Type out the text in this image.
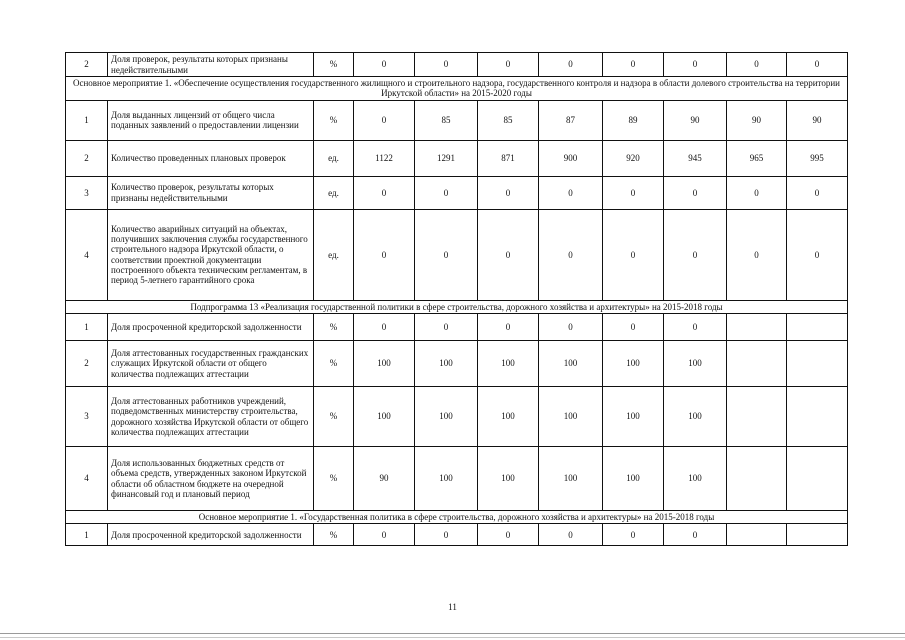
2	Доля проверок, результаты которых признаны недействительными	%	0	0	0	0	0	0	0	0
Основное мероприятие 1. «Обеспечение осуществления государственного жилищного и строительного надзора, государственного контроля и надзора в области долевого строительства на территории Иркутской области» на 2015-2020 годы										
1	Доля выданных лицензий от общего числа поданных заявлений о предоставлении лицензии	%	0	85	85	87	89	90	90	90
2	Количество проведенных плановых проверок	ед.	1122	1291	871	900	920	945	965	995
3	Количество проверок, результаты которых признаны недействительными	ед.	0	0	0	0	0	0	0	0
4	Количество аварийных ситуаций на объектах, получивших заключения службы государственного строительного надзора Иркутской области, о соответствии проектной документации построенного объекта техническим регламентам, в период 5-летнего гарантийного срока	ед.	0	0	0	0	0	0	0	0
Подпрограмма 13 «Реализация государственной политики в сфере строительства, дорожного хозяйства и архитектуры» на 2015-2018 годы										
1	Доля просроченной кредиторской задолженности	%	0	0	0	0	0	0		
2	Доля аттестованных государственных гражданских служащих Иркутской области от общего количества подлежащих аттестации	%	100	100	100	100	100	100		
3	Доля аттестованных работников учреждений, подведомственных министерству строительства, дорожного хозяйства Иркутской области от общего количества подлежащих аттестации	%	100	100	100	100	100	100		
4	Доля использованных бюджетных средств от объема средств, утвержденных законом Иркутской области об областном бюджете на очередной финансовый год и плановый период	%	90	100	100	100	100	100		
Основное мероприятие 1. «Государственная политика в сфере строительства, дорожного хозяйства и архитектуры» на 2015-2018 годы										
1	Доля просроченной кредиторской задолженности	%	0	0	0	0	0	0		
11
